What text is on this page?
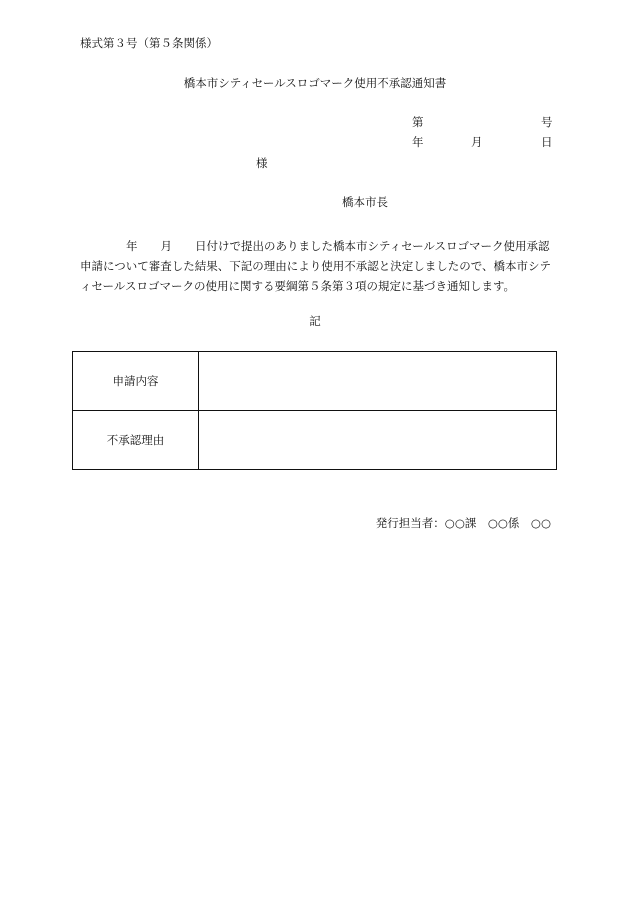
様式第３号（第５条関係）
橋本市シティセールスロゴマーク使用不承認通知書
第	号
年	月	日
様
橋本市長
年 月 日付けで提出のありました橋本市シティセールスロゴマーク使用承認申請について審査した結果、下記の理由により使用不承認と決定しましたので、橋本市シティセールスロゴマークの使用に関する要綱第５条第３項の規定に基づき通知します。
記
申請内容	
不承認理由	
発行担当者：○○課　○○係　○○
